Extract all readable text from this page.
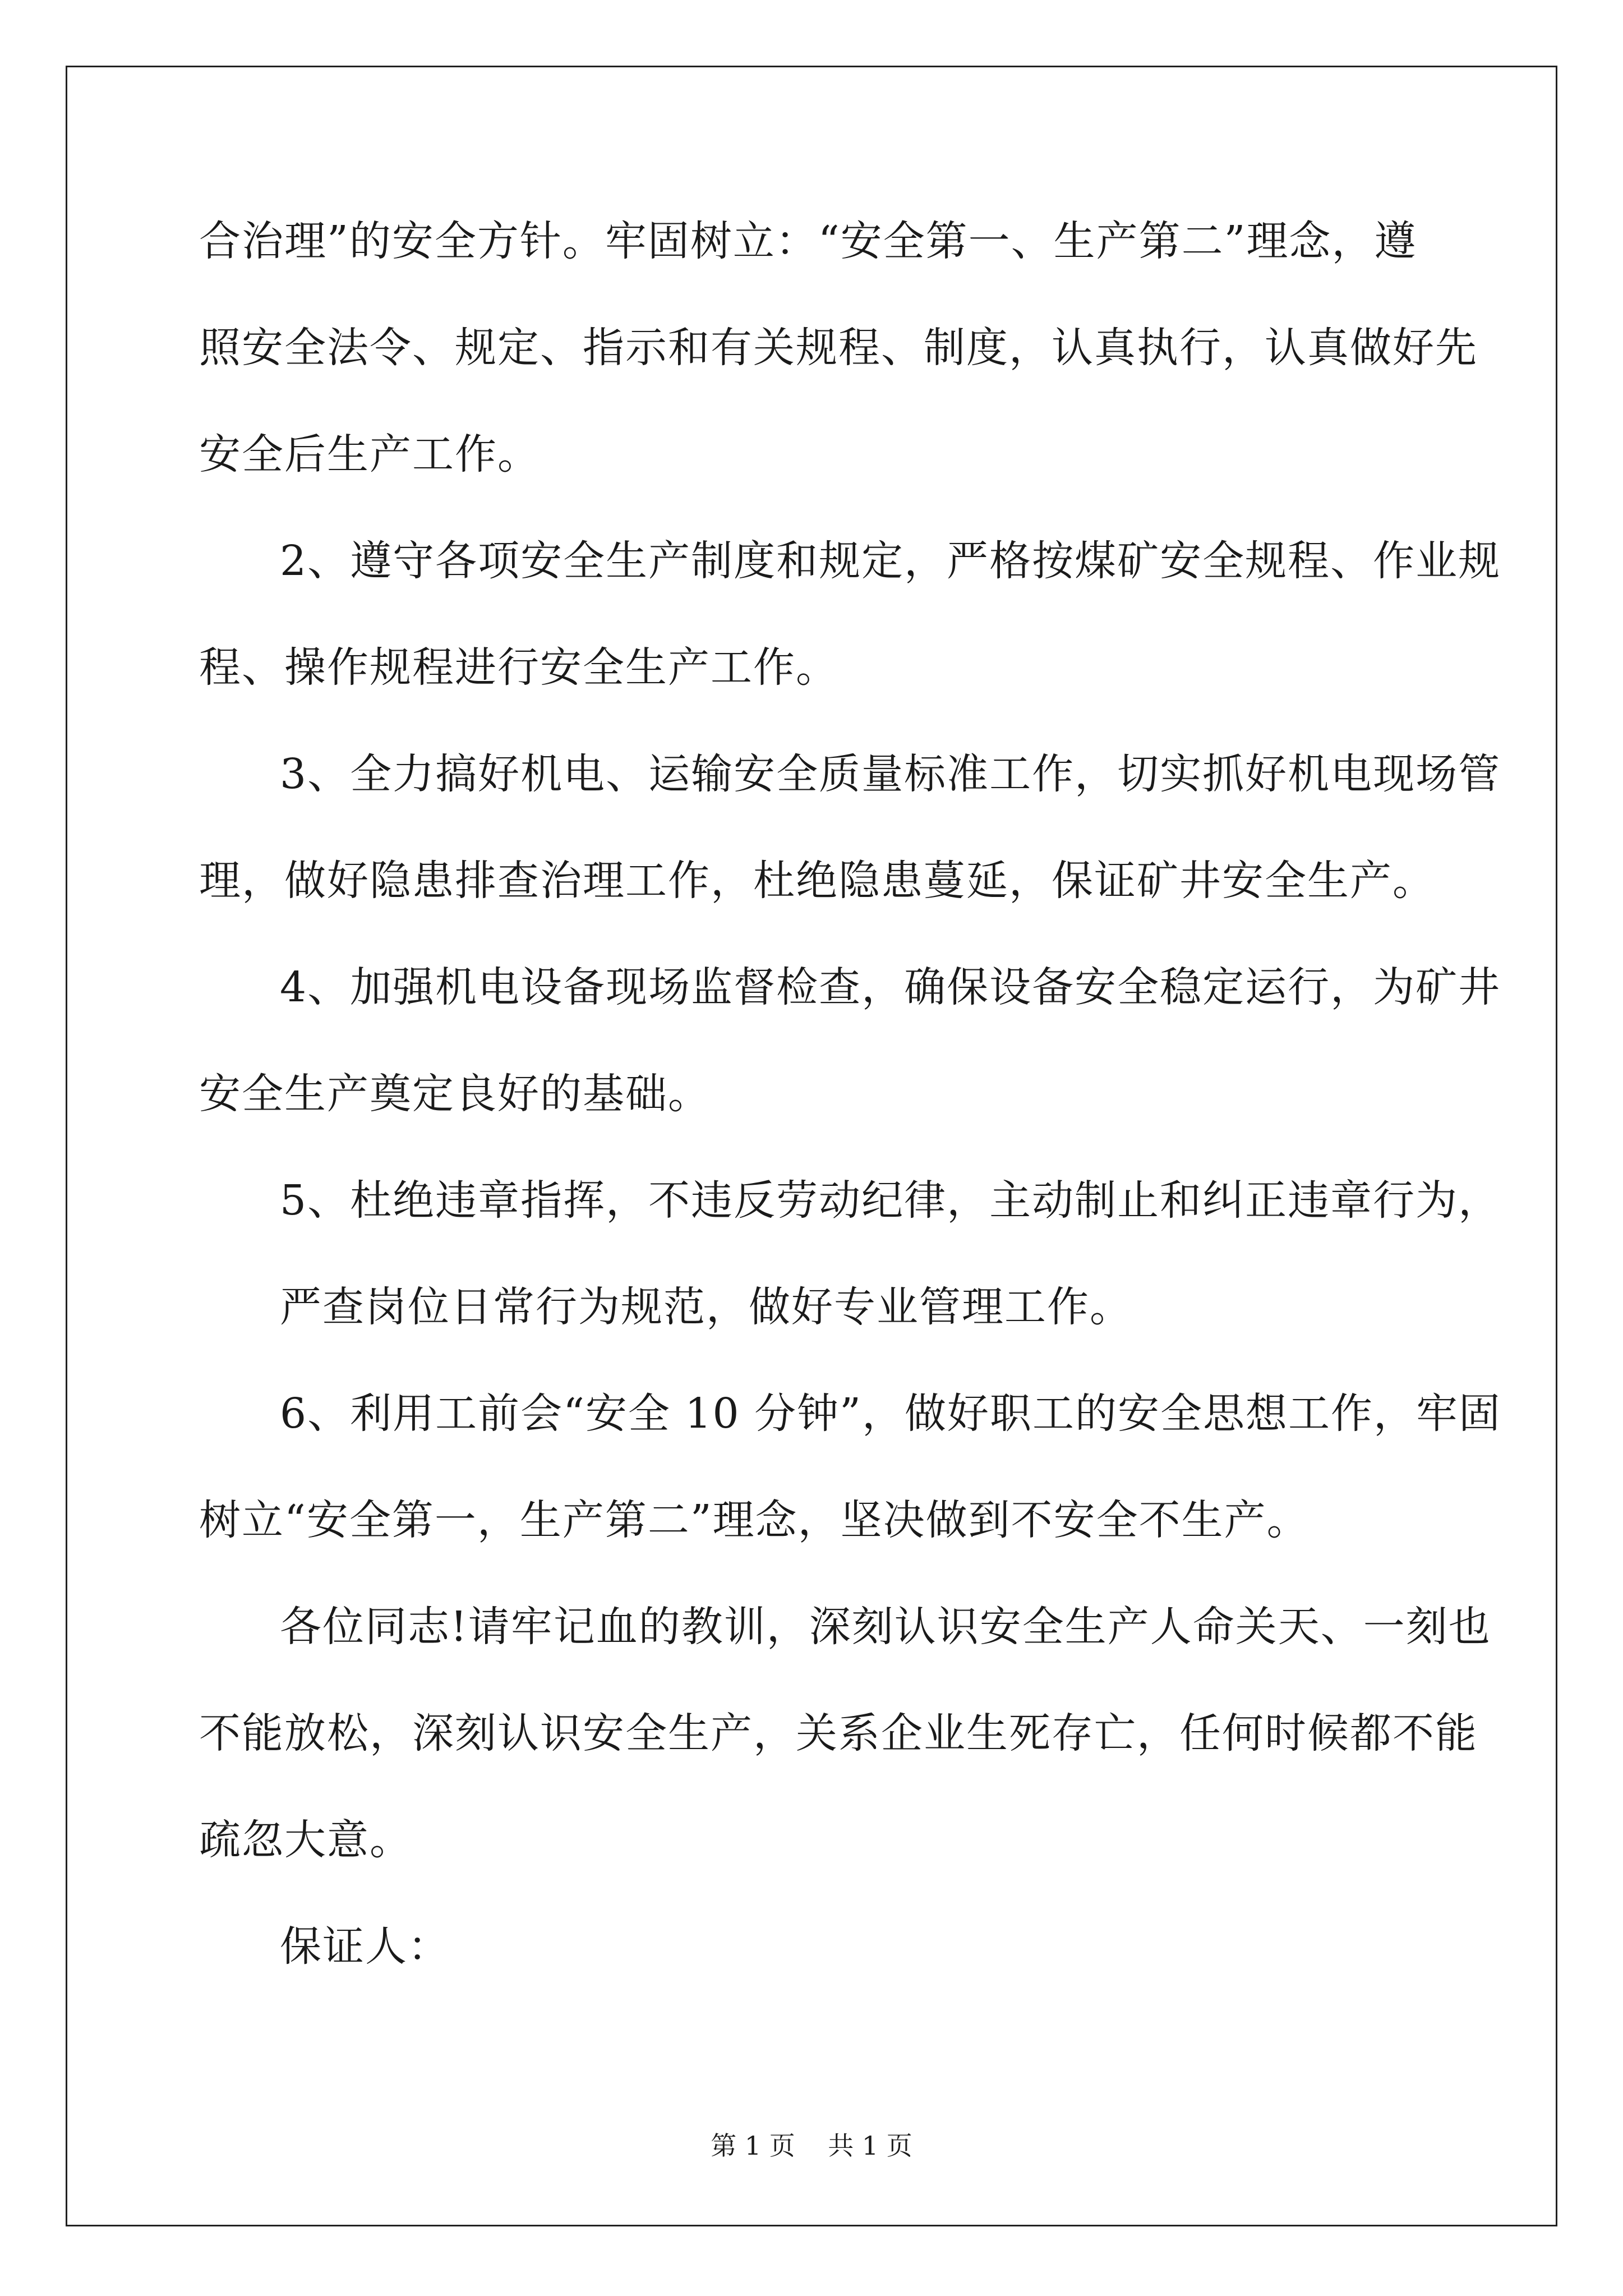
合治理”的安全方针。牢固树立：“安全第一、生产第二”理念，遵
照安全法令、规定、指示和有关规程、制度，认真执行，认真做好先
安全后生产工作。
2、遵守各项安全生产制度和规定，严格按煤矿安全规程、作业规
程、操作规程进行安全生产工作。
3、全力搞好机电、运输安全质量标准工作，切实抓好机电现场管
理，做好隐患排查治理工作，杜绝隐患蔓延，保证矿井安全生产。
4、加强机电设备现场监督检查，确保设备安全稳定运行，为矿井
安全生产奠定良好的基础。
5、杜绝违章指挥，不违反劳动纪律，主动制止和纠正违章行为，
严查岗位日常行为规范，做好专业管理工作。
6、利用工前会“安全 10 分钟”，做好职工的安全思想工作，牢固
树立“安全第一，生产第二”理念，坚决做到不安全不生产。
各位同志!请牢记血的教训，深刻认识安全生产人命关天、一刻也
不能放松，深刻认识安全生产，关系企业生死存亡，任何时候都不能
疏忽大意。
保证人：
第 1 页    共 1 页
